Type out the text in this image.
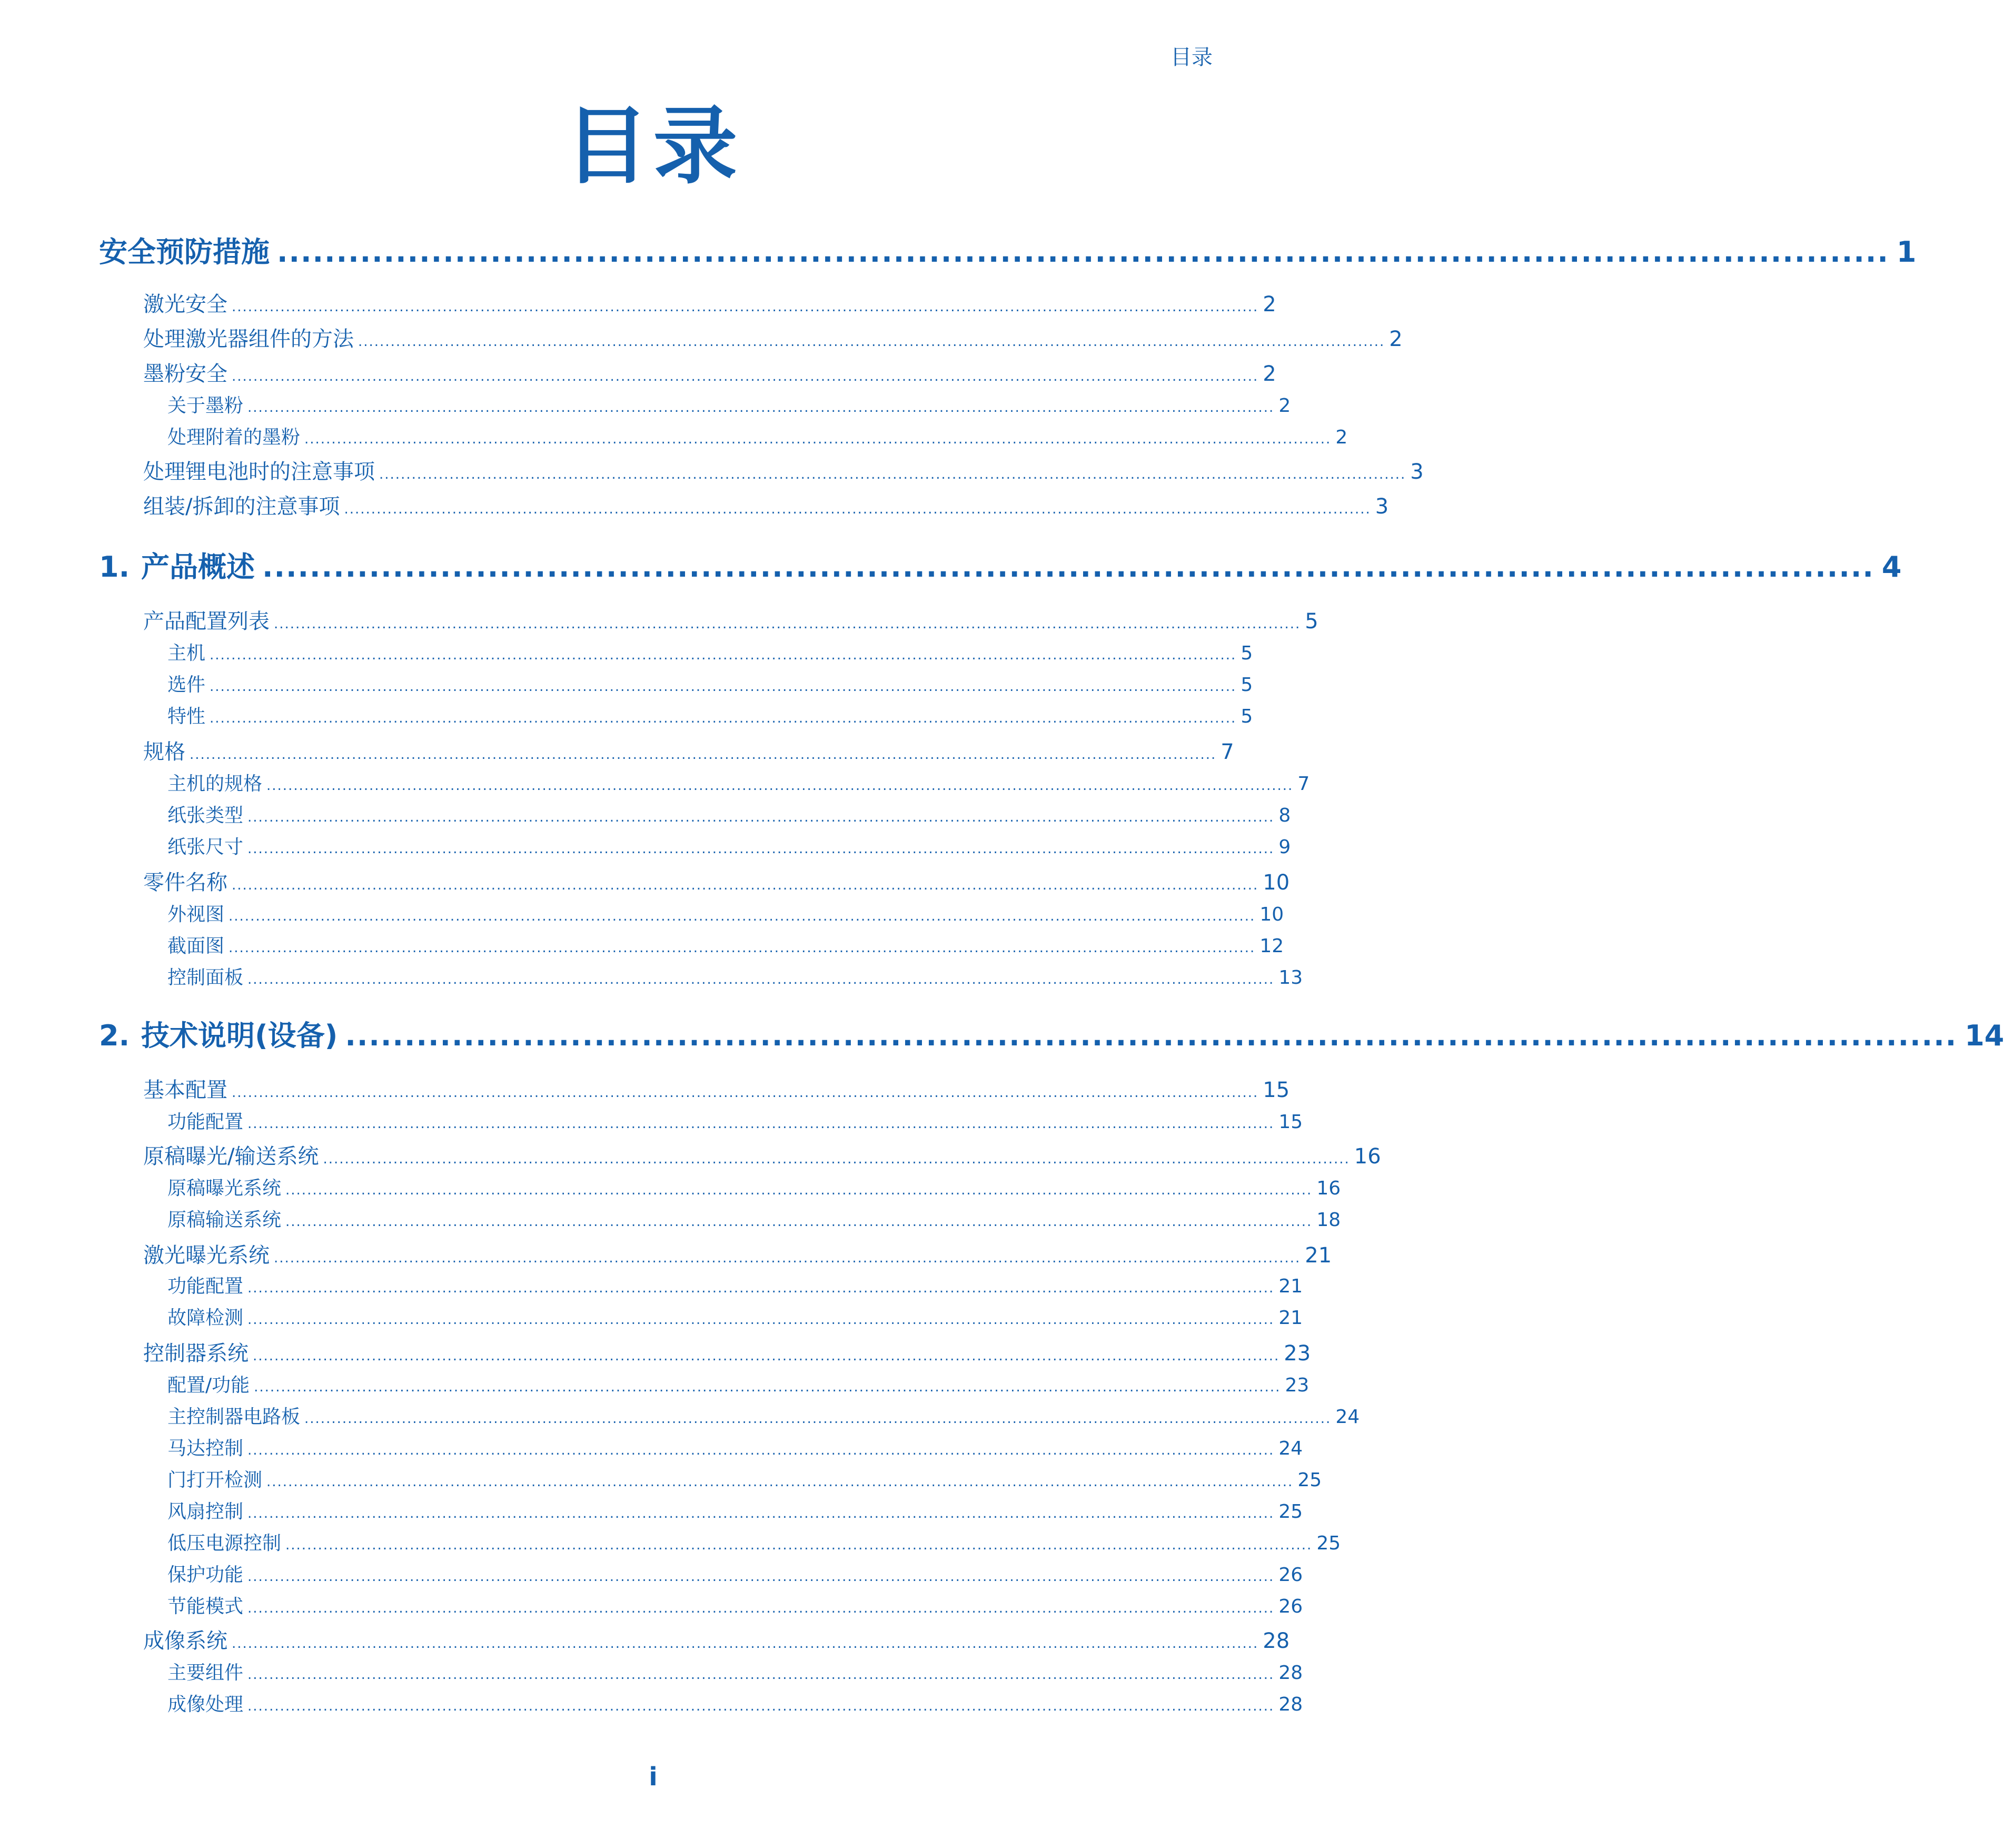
目录
目录
安全预防措施 ........................................................................................................................................ 1
激光安全 .............................................................................................................................................................................................. 2
处理激光器组件的方法 .............................................................................................................................................................................................. 2
墨粉安全 .............................................................................................................................................................................................. 2
关于墨粉 .............................................................................................................................................................................................. 2
处理附着的墨粉 .............................................................................................................................................................................................. 2
处理锂电池时的注意事项 .............................................................................................................................................................................................. 3
组装/拆卸的注意事项 .............................................................................................................................................................................................. 3
1. 产品概述 ........................................................................................................................................ 4
产品配置列表 .............................................................................................................................................................................................. 5
主机 .............................................................................................................................................................................................. 5
选件 .............................................................................................................................................................................................. 5
特性 .............................................................................................................................................................................................. 5
规格 .............................................................................................................................................................................................. 7
主机的规格 .............................................................................................................................................................................................. 7
纸张类型 .............................................................................................................................................................................................. 8
纸张尺寸 .............................................................................................................................................................................................. 9
零件名称 .............................................................................................................................................................................................. 10
外视图 .............................................................................................................................................................................................. 10
截面图 .............................................................................................................................................................................................. 12
控制面板 .............................................................................................................................................................................................. 13
2. 技术说明(设备) ........................................................................................................................................ 14
基本配置 .............................................................................................................................................................................................. 15
功能配置 .............................................................................................................................................................................................. 15
原稿曝光/输送系统 .............................................................................................................................................................................................. 16
原稿曝光系统 .............................................................................................................................................................................................. 16
原稿输送系统 .............................................................................................................................................................................................. 18
激光曝光系统 .............................................................................................................................................................................................. 21
功能配置 .............................................................................................................................................................................................. 21
故障检测 .............................................................................................................................................................................................. 21
控制器系统 .............................................................................................................................................................................................. 23
配置/功能 .............................................................................................................................................................................................. 23
主控制器电路板 .............................................................................................................................................................................................. 24
马达控制 .............................................................................................................................................................................................. 24
门打开检测 .............................................................................................................................................................................................. 25
风扇控制 .............................................................................................................................................................................................. 25
低压电源控制 .............................................................................................................................................................................................. 25
保护功能 .............................................................................................................................................................................................. 26
节能模式 .............................................................................................................................................................................................. 26
成像系统 .............................................................................................................................................................................................. 28
主要组件 .............................................................................................................................................................................................. 28
成像处理 .............................................................................................................................................................................................. 28
i
